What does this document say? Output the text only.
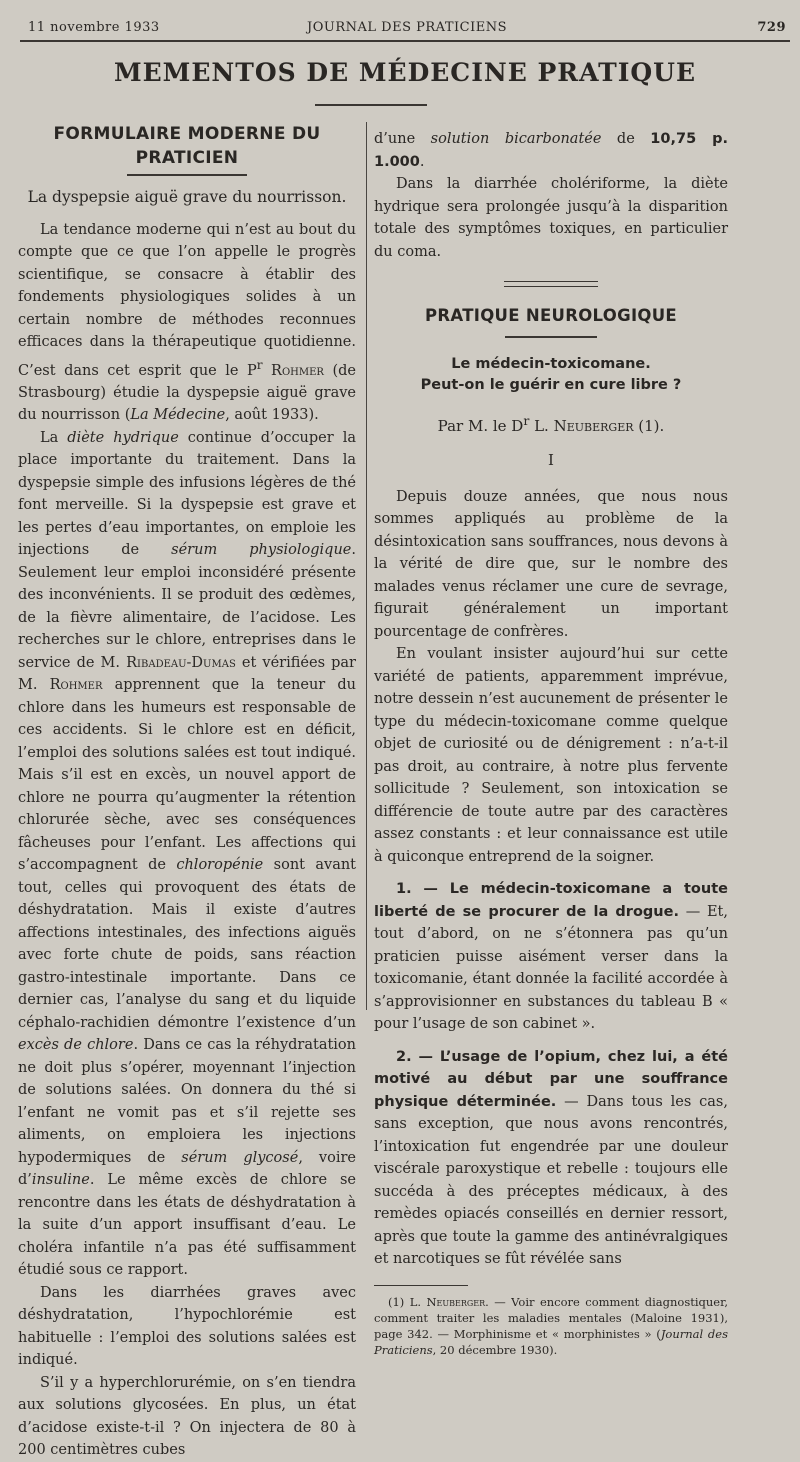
11 novembre 1933	JOURNAL DES PRATICIENS	729
MEMENTOS DE MÉDECINE PRATIQUE
FORMULAIRE MODERNE DU PRATICIEN
La dyspepsie aiguë grave du nourrisson.

La tendance moderne qui n’est au bout du compte que ce que l’on appelle le progrès scientifique, se consacre à établir des fondements physiologiques solides à un certain nombre de méthodes reconnues efficaces dans la thérapeutique quotidienne. C’est dans cet esprit que le $P^r$ Rohmer (de Strasbourg) étudie la dyspepsie aiguë grave du nourrisson (La Médecine, août 1933).

La diète hydrique continue d’occuper la place importante du traitement. Dans la dyspepsie simple des infusions légères de thé font merveille. Si la dyspepsie est grave et les pertes d’eau importantes, on emploie les injections de sérum physiologique. Seulement leur emploi inconsidéré présente des inconvénients. Il se produit des œdèmes, de la fièvre alimentaire, de l’acidose. Les recherches sur le chlore, entreprises dans le service de M. Ribadeau-Dumas et vérifiées par M. Rohmer apprennent que la teneur du chlore dans les humeurs est responsable de ces accidents. Si le chlore est en déficit, l’emploi des solutions salées est tout indiqué. Mais s’il est en excès, un nouvel apport de chlore ne pourra qu’augmenter la rétention chlorurée sèche, avec ses conséquences fâcheuses pour l’enfant. Les affections qui s’accompagnent de chloropénie sont avant tout, celles qui provoquent des états de déshydratation. Mais il existe d’autres affections intestinales, des infections aiguës avec forte chute de poids, sans réaction gastro-intestinale importante. Dans ce dernier cas, l’analyse du sang et du liquide céphalo-rachidien démontre l’existence d’un excès de chlore. Dans ce cas la réhydratation ne doit plus s’opérer, moyennant l’injection de solutions salées. On donnera du thé si l’enfant ne vomit pas et s’il rejette ses aliments, on emploiera les injections hypodermiques de sérum glycosé, voire d’insuline. Le même excès de chlore se rencontre dans les états de déshydratation à la suite d’un apport insuffisant d’eau. Le choléra infantile n’a pas été suffisamment étudié sous ce rapport.

Dans les diarrhées graves avec déshydratation, l’hypochlorémie est habituelle : l’emploi des solutions salées est indiqué.

S’il y a hyperchlorurémie, on s’en tiendra aux solutions glycosées. En plus, un état d’acidose existe-t-il ? On injectera de 80 à 200 centimètres cubes

d’une solution bicarbonatée de 10,75 p. 1.000.

Dans la diarrhée cholériforme, la diète hydrique sera prolongée jusqu’à la disparition totale des symptômes toxiques, en particulier du coma.

PRATIQUE NEUROLOGIQUE
Le médecin-toxicomane.
Peut-on le guérir en cure libre ?
Par M. le $D^r$ L. Neuberger (1).
I

Depuis douze années, que nous nous sommes appliqués au problème de la désintoxication sans souffrances, nous devons à la vérité de dire que, sur le nombre des malades venus réclamer une cure de sevrage, figurait généralement un important pourcentage de confrères.

En voulant insister aujourd’hui sur cette variété de patients, apparemment imprévue, notre dessein n’est aucunement de présenter le type du médecin-toxicomane comme quelque objet de curiosité ou de dénigrement : n’a-t-il pas droit, au contraire, à notre plus fervente sollicitude ? Seulement, son intoxication se différencie de toute autre par des caractères assez constants : et leur connaissance est utile à quiconque entreprend de la soigner.

1. — Le médecin-toxicomane a toute liberté de se procurer de la drogue. — Et, tout d’abord, on ne s’étonnera pas qu’un praticien puisse aisément verser dans la toxicomanie, étant donnée la facilité accordée à s’approvisionner en substances du tableau B « pour l’usage de son cabinet ».

2. — L’usage de l’opium, chez lui, a été motivé au début par une souffrance physique déterminée. — Dans tous les cas, sans exception, que nous avons rencontrés, l’intoxication fut engendrée par une douleur viscérale paroxystique et rebelle : toujours elle succéda à des préceptes médicaux, à des remèdes opiacés conseillés en dernier ressort, après que toute la gamme des antinévralgiques et narcotiques se fût révélée sans

(1) L. Neuberger. — Voir encore comment diagnostiquer, comment traiter les maladies mentales (Maloine 1931), page 342. — Morphinisme et « morphinistes » (Journal des Praticiens, 20 décembre 1930).
